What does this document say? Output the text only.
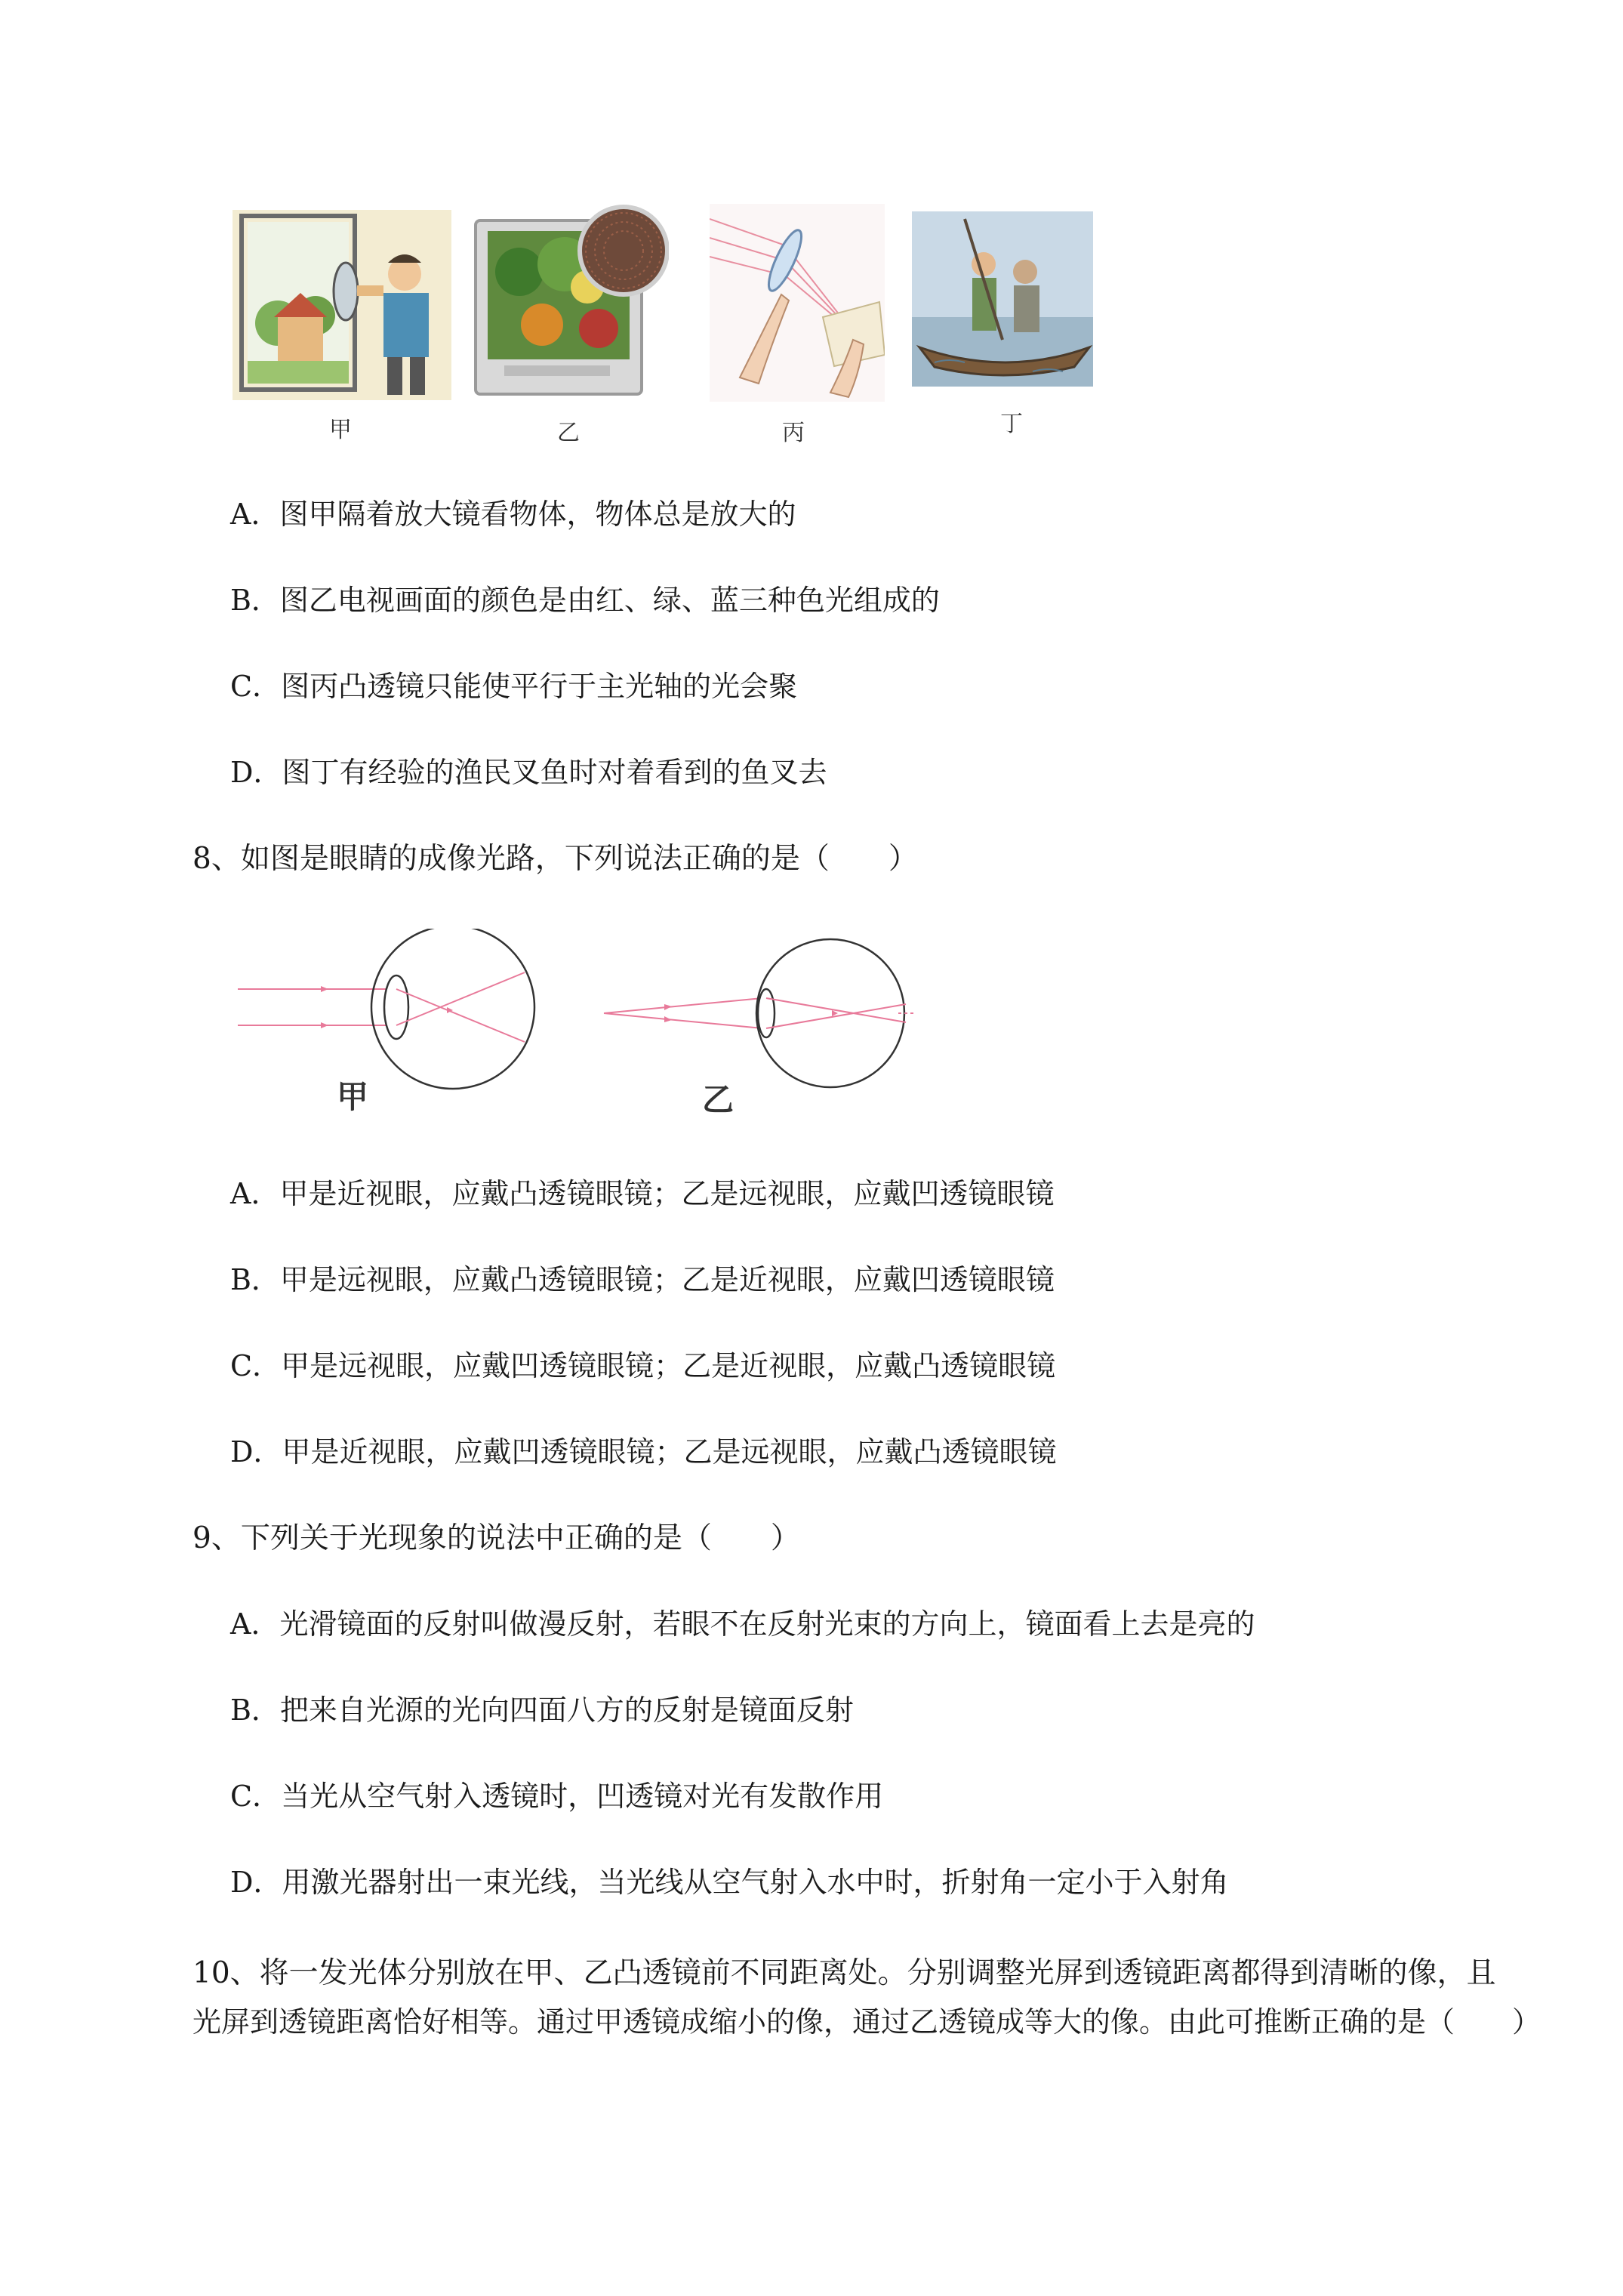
甲	乙	丙	丁
A．图甲隔着放大镜看物体，物体总是放大的
B．图乙电视画面的颜色是由红、绿、蓝三种色光组成的
C．图丙凸透镜只能使平行于主光轴的光会聚
D．图丁有经验的渔民叉鱼时对着看到的鱼叉去
8、如图是眼睛的成像光路，下列说法正确的是（　　）
甲	乙
A．甲是近视眼，应戴凸透镜眼镜；乙是远视眼，应戴凹透镜眼镜
B．甲是远视眼，应戴凸透镜眼镜；乙是近视眼，应戴凹透镜眼镜
C．甲是远视眼，应戴凹透镜眼镜；乙是近视眼，应戴凸透镜眼镜
D．甲是近视眼，应戴凹透镜眼镜；乙是远视眼，应戴凸透镜眼镜
9、下列关于光现象的说法中正确的是（　　）
A．光滑镜面的反射叫做漫反射，若眼不在反射光束的方向上，镜面看上去是亮的
B．把来自光源的光向四面八方的反射是镜面反射
C．当光从空气射入透镜时，凹透镜对光有发散作用
D．用激光器射出一束光线，当光线从空气射入水中时，折射角一定小于入射角
10、将一发光体分别放在甲、乙凸透镜前不同距离处。分别调整光屏到透镜距离都得到清晰的像，且
光屏到透镜距离恰好相等。通过甲透镜成缩小的像，通过乙透镜成等大的像。由此可推断正确的是（　　）
